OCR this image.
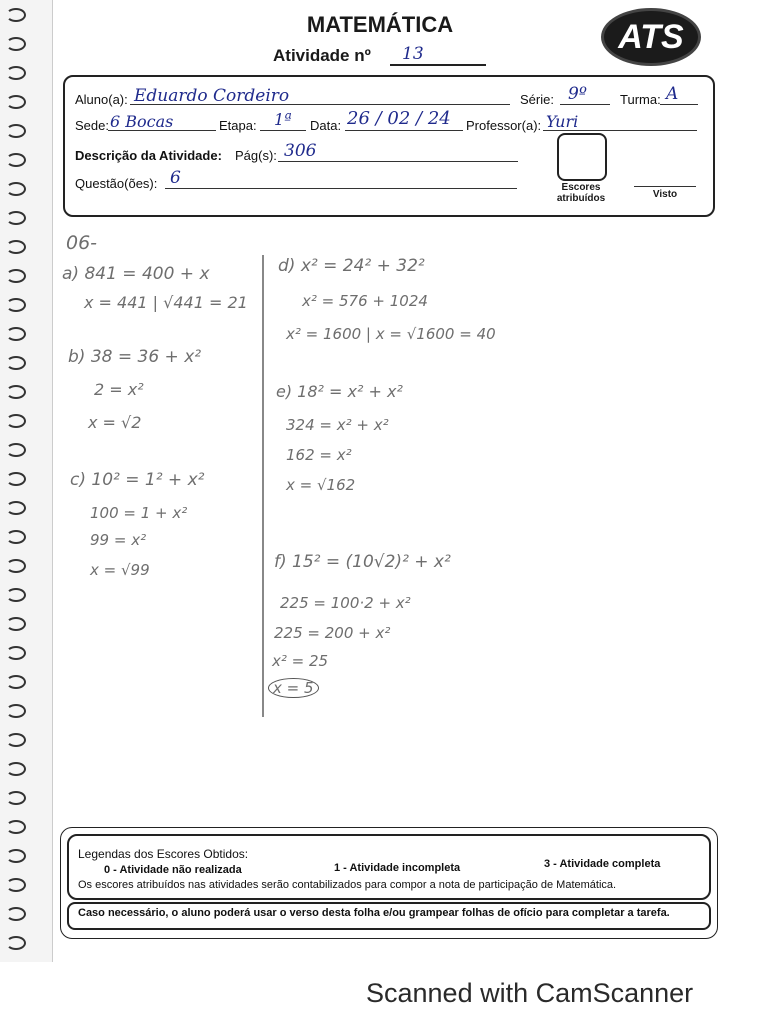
MATEMÁTICA
Atividade nº 13	ATS
Aluno(a): Eduardo Cordeiro	Série: 9º	Turma: A
Sede: 6 Bocas	Etapa: 1ª Data: 26 / 02 / 24 Professor(a): Yuri
Descrição da Atividade: Pág(s): 306
Questão(ões): 6	Escores atribuídos	Visto
06-
a) 841 = 400 + x
x = 441 | √441 = 21
b) 38 = 36 + x²
2 = x²
x = √2
c) 10² = 1² + x²
100 = 1 + x²
99 = x²
x = √99
d) x² = 24² + 32²
x² = 576 + 1024
x² = 1600 | x = √1600 = 40
e) 18² = x² + x²
324 = x² + x²
162 = x²
x = √162
f) 15² = (10√2)² + x²
225 = 100·2 + x²
225 = 200 + x²
x² = 25
x = 5
Legendas dos Escores Obtidos:
0 - Atividade não realizada	1 - Atividade incompleta	3 - Atividade completa
Os escores atribuídos nas atividades serão contabilizados para compor a nota de participação de Matemática.
Caso necessário, o aluno poderá usar o verso desta folha e/ou grampear folhas de ofício para completar a tarefa.
Scanned with CamScanner
